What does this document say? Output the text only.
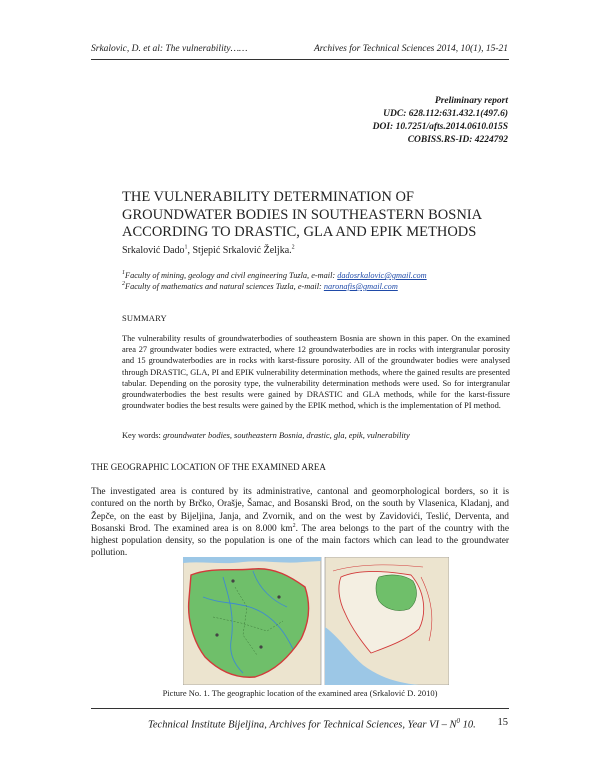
Srkalovic, D. et al: The vulnerability……	Archives for Technical Sciences 2014, 10(1), 15-21
Preliminary report
UDC: 628.112:631.432.1(497.6)
DOI: 10.7251/afts.2014.0610.015S
COBISS.RS-ID: 4224792
THE VULNERABILITY DETERMINATION OF GROUNDWATER BODIES IN SOUTHEASTERN BOSNIA ACCORDING TO DRASTIC, GLA AND EPIK METHODS
Srkalović Dado$^1$, Stjepić Srkalović Željka.$^2$
$^1$Faculty of mining, geology and civil engineering Tuzla, e-mail: dadosrkalovic@gmail.com
$^2$Faculty of mathematics and natural sciences Tuzla, e-mail: naronafis@gmail.com
SUMMARY
The vulnerability results of groundwaterbodies of southeastern Bosnia are shown in this paper. On the examined area 27 groundwater bodies were extracted, where 12 groundwaterbodies are in rocks with intergranular porosity and 15 groundwaterbodies are in rocks with karst-fissure porosity. All of the groundwater bodies were analysed through DRASTIC, GLA, PI and EPIK vulnerability determination methods, where the gained results are presented tabular. Depending on the porosity type, the vulnerability determination methods were used. So for intergranular groundwaterbodies the best results were gained by DRASTIC and GLA methods, while for the karst-fissure groundwater bodies the best results were gained by the EPIK method, which is the implementation of PI method.
Key words: groundwater bodies, southeastern Bosnia, drastic, gla, epik, vulnerability
THE GEOGRAPHIC LOCATION OF THE EXAMINED AREA
The investigated area is contured by its administrative, cantonal and geomorphological borders, so it is contured on the north by Brčko, Orašje, Šamac, and Bosanski Brod, on the south by Vlasenica, Kladanj, and Žepče, on the east by Bijeljina, Janja, and Zvornik, and on the west by Zavidovići, Teslić, Derventa, and Bosanski Brod. The examined area is on 8.000 $km^2$. The area belongs to the part of the country with the highest population density, so the population is one of the main factors which can lead to the groundwater pollution.
Picture No. 1. The geographic location of the examined area (Srkalović D. 2010)
Technical Institute Bijeljina, Archives for Technical Sciences, Year VI – $N^0$ 10. 15
